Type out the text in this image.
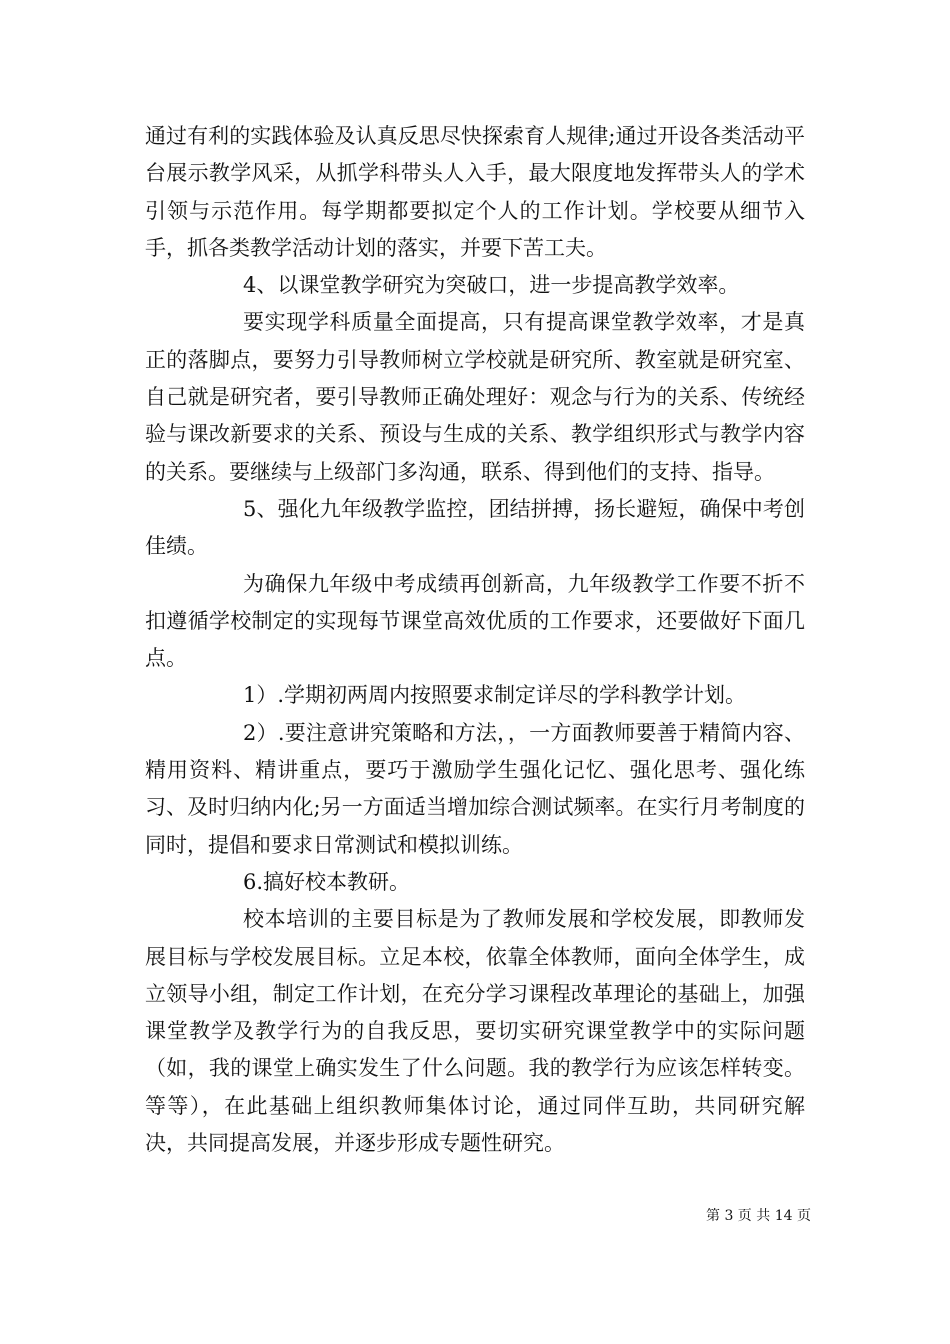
通过有利的实践体验及认真反思尽快探索育人规律;通过开设各类活动平台展示教学风采，从抓学科带头人入手，最大限度地发挥带头人的学术引领与示范作用。每学期都要拟定个人的工作计划。学校要从细节入手，抓各类教学活动计划的落实，并要下苦工夫。

4、以课堂教学研究为突破口，进一步提高教学效率。

要实现学科质量全面提高，只有提高课堂教学效率，才是真正的落脚点，要努力引导教师树立学校就是研究所、教室就是研究室、自己就是研究者，要引导教师正确处理好：观念与行为的关系、传统经验与课改新要求的关系、预设与生成的关系、教学组织形式与教学内容的关系。要继续与上级部门多沟通，联系、得到他们的支持、指导。

5、强化九年级教学监控，团结拼搏，扬长避短，确保中考创佳绩。

为确保九年级中考成绩再创新高，九年级教学工作要不折不扣遵循学校制定的实现每节课堂高效优质的工作要求，还要做好下面几点。

1）.学期初两周内按照要求制定详尽的学科教学计划。

2）.要注意讲究策略和方法，，一方面教师要善于精简内容、精用资料、精讲重点，要巧于激励学生强化记忆、强化思考、强化练习、及时归纳内化;另一方面适当增加综合测试频率。在实行月考制度的同时，提倡和要求日常测试和模拟训练。

6.搞好校本教研。

校本培训的主要目标是为了教师发展和学校发展，即教师发展目标与学校发展目标。立足本校，依靠全体教师，面向全体学生，成立领导小组，制定工作计划，在充分学习课程改革理论的基础上，加强课堂教学及教学行为的自我反思，要切实研究课堂教学中的实际问题（如，我的课堂上确实发生了什么问题。我的教学行为应该怎样转变。等等），在此基础上组织教师集体讨论，通过同伴互助，共同研究解决，共同提高发展，并逐步形成专题性研究。

第 3 页 共 14 页
